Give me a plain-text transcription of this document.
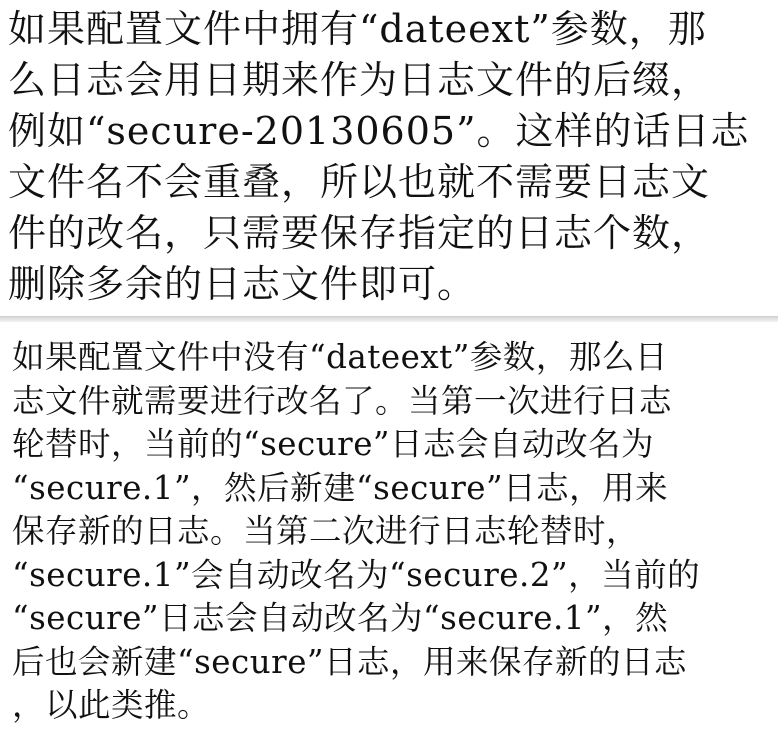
如果配置文件中拥有“dateext”参数，那
么日志会用日期来作为日志文件的后缀，
例如“secure-20130605”。这样的话日志
文件名不会重叠，所以也就不需要日志文
件的改名，只需要保存指定的日志个数，
删除多余的日志文件即可。
如果配置文件中没有“dateext”参数，那么日
志文件就需要进行改名了。当第一次进行日志
轮替时，当前的“secure”日志会自动改名为
“secure.1”，然后新建“secure”日志，用来
保存新的日志。当第二次进行日志轮替时，
“secure.1”会自动改名为“secure.2”，当前的
“secure”日志会自动改名为“secure.1”，然
后也会新建“secure”日志，用来保存新的日志
，以此类推。
